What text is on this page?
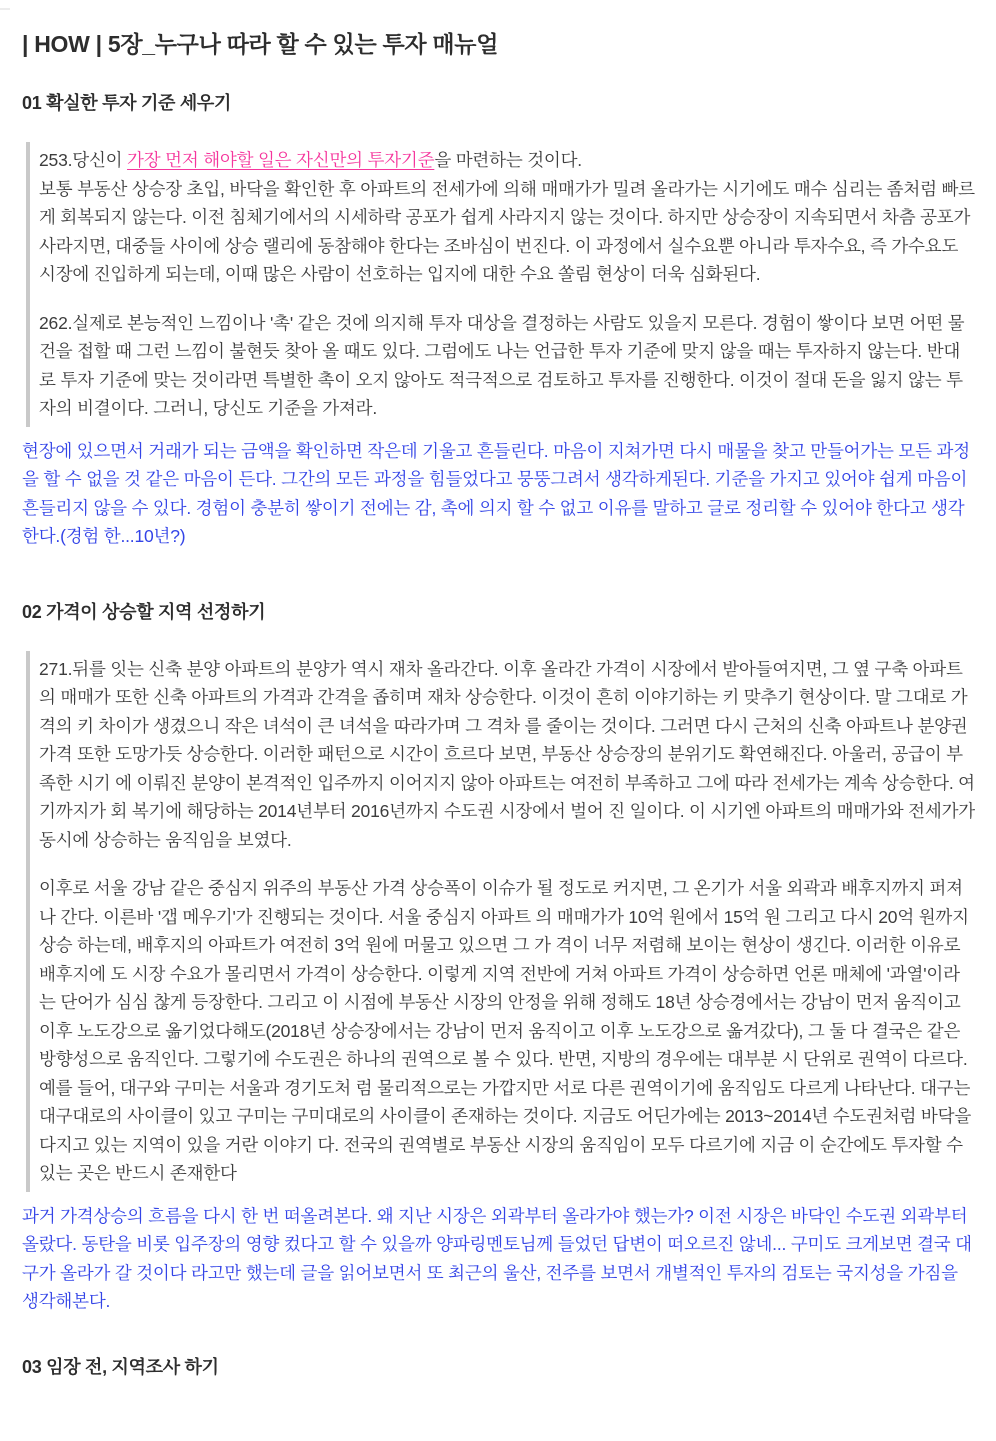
| HOW | 5장_누구나 따라 할 수 있는 투자 매뉴얼
01 확실한 투자 기준 세우기

253.당신이 가장 먼저 해야할 일은 자신만의 투자기준을 마련하는 것이다.
보통 부동산 상승장 초입, 바닥을 확인한 후 아파트의 전세가에 의해 매매가가 밀려 올라가는 시기에도 매수 심리는 좀처럼 빠르게 회복되지 않는다. 이전 침체기에서의 시세하락 공포가 쉽게 사라지지 않는 것이다. 하지만 상승장이 지속되면서 차츰 공포가 사라지면, 대중들 사이에 상승 랠리에 동참해야 한다는 조바심이 번진다. 이 과정에서 실수요뿐 아니라 투자수요, 즉 가수요도 시장에 진입하게 되는데, 이때 많은 사람이 선호하는 입지에 대한 수요 쏠림 현상이 더욱 심화된다.

262.실제로 본능적인 느낌이나 '촉' 같은 것에 의지해 투자 대상을 결정하는 사람도 있을지 모른다. 경험이 쌓이다 보면 어떤 물건을 접할 때 그런 느낌이 불현듯 찾아 올 때도 있다. 그럼에도 나는 언급한 투자 기준에 맞지 않을 때는 투자하지 않는다. 반대로 투자 기준에 맞는 것이라면 특별한 촉이 오지 않아도 적극적으로 검토하고 투자를 진행한다. 이것이 절대 돈을 잃지 않는 투자의 비결이다. 그러니, 당신도 기준을 가져라.

현장에 있으면서 거래가 되는 금액을 확인하면 작은데 기울고 흔들린다. 마음이 지쳐가면 다시 매물을 찾고 만들어가는 모든 과정을 할 수 없을 것 같은 마음이 든다. 그간의 모든 과정을 힘들었다고 뭉뚱그려서 생각하게된다. 기준을 가지고 있어야 쉽게 마음이 흔들리지 않을 수 있다. 경험이 충분히 쌓이기 전에는 감, 촉에 의지 할 수 없고 이유를 말하고 글로 정리할 수 있어야 한다고 생각한다.(경험 한...10년?)

02 가격이 상승할 지역 선정하기

271.뒤를 잇는 신축 분양 아파트의 분양가 역시 재차 올라간다. 이후 올라간 가격이 시장에서 받아들여지면, 그 옆 구축 아파트의 매매가 또한 신축 아파트의 가격과 간격을 좁히며 재차 상승한다. 이것이 흔히 이야기하는 키 맞추기 현상이다. 말 그대로 가격의 키 차이가 생겼으니 작은 녀석이 큰 녀석을 따라가며 그 격차 를 줄이는 것이다. 그러면 다시 근처의 신축 아파트나 분양권 가격 또한 도망가듯 상승한다. 이러한 패턴으로 시간이 흐르다 보면, 부동산 상승장의 분위기도 확연해진다. 아울러, 공급이 부족한 시기 에 이뤄진 분양이 본격적인 입주까지 이어지지 않아 아파트는 여전히 부족하고 그에 따라 전세가는 계속 상승한다. 여기까지가 회 복기에 해당하는 2014년부터 2016년까지 수도권 시장에서 벌어 진 일이다. 이 시기엔 아파트의 매매가와 전세가가 동시에 상승하는 움직임을 보였다.

이후로 서울 강남 같은 중심지 위주의 부동산 가격 상승폭이 이슈가 될 정도로 커지면, 그 온기가 서울 외곽과 배후지까지 퍼져나 간다. 이른바 '갭 메우기'가 진행되는 것이다. 서울 중심지 아파트 의 매매가가 10억 원에서 15억 원 그리고 다시 20억 원까지 상승 하는데, 배후지의 아파트가 여전히 3억 원에 머물고 있으면 그 가 격이 너무 저렴해 보이는 현상이 생긴다. 이러한 이유로 배후지에 도 시장 수요가 몰리면서 가격이 상승한다. 이렇게 지역 전반에 거쳐 아파트 가격이 상승하면 언론 매체에 '과열'이라는 단어가 심심 찮게 등장한다. 그리고 이 시점에 부동산 시장의 안정을 위해 정해도 18년 상승경에서는 강남이 먼저 움직이고 이후 노도강으로 옮기었다해도(2018년 상승장에서는 강남이 먼저 움직이고 이후 노도강으로 옮겨갔다), 그 둘 다 결국은 같은 방향성으로 움직인다. 그렇기에 수도권은 하나의 권역으로 볼 수 있다. 반면, 지방의 경우에는 대부분 시 단위로 권역이 다르다. 예를 들어, 대구와 구미는 서울과 경기도처 럼 물리적으로는 가깝지만 서로 다른 권역이기에 움직임도 다르게 나타난다. 대구는 대구대로의 사이클이 있고 구미는 구미대로의 사이클이 존재하는 것이다. 지금도 어딘가에는 2013~2014년 수도권처럼 바닥을 다지고 있는 지역이 있을 거란 이야기 다. 전국의 권역별로 부동산 시장의 움직임이 모두 다르기에 지금 이 순간에도 투자할 수 있는 곳은 반드시 존재한다

과거 가격상승의 흐름을 다시 한 번 떠올려본다. 왜 지난 시장은 외곽부터 올라가야 했는가? 이전 시장은 바닥인 수도권 외곽부터 올랐다. 동탄을 비롯 입주장의 영향 컸다고 할 수 있을까 양파링멘토님께 들었던 답변이 떠오르진 않네... 구미도 크게보면 결국 대구가 올라가 갈 것이다 라고만 했는데 글을 읽어보면서 또 최근의 울산, 전주를 보면서 개별적인 투자의 검토는 국지성을 가짐을 생각해본다.

03 임장 전, 지역조사 하기
